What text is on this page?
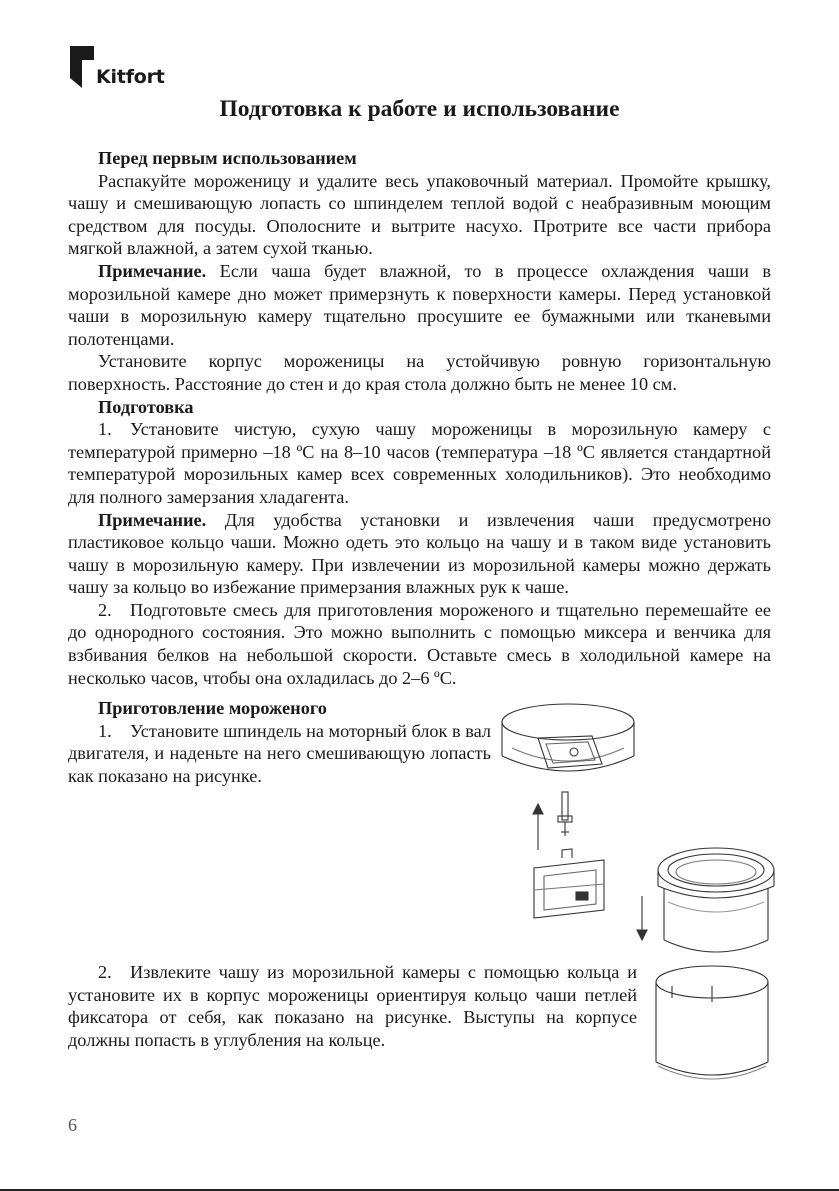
Kitfort
Подготовка к работе и использование

Перед первым использованием

Распакуйте мороженицу и удалите весь упаковочный материал. Промойте крышку, чашу и смешивающую лопасть со шпинделем теплой водой с неабразивным моющим средством для посуды. Ополосните и вытрите насухо. Протрите все части прибора мягкой влажной, а затем сухой тканью.

Примечание. Если чаша будет влажной, то в процессе охлаждения чаши в морозильной камере дно может примерзнуть к поверхности камеры. Перед установкой чаши в морозильную камеру тщательно просушите ее бумажными или тканевыми полотенцами.

Установите корпус мороженицы на устойчивую ровную горизонтальную поверхность. Расстояние до стен и до края стола должно быть не менее 10 см.

Подготовка

1. Установите чистую, сухую чашу мороженицы в морозильную камеру с температурой примерно –18 ºС на 8–10 часов (температура –18 ºС является стандартной температурой морозильных камер всех современных холодильников). Это необходимо для полного замерзания хладагента.

Примечание. Для удобства установки и извлечения чаши предусмотрено пластиковое кольцо чаши. Можно одеть это кольцо на чашу и в таком виде установить чашу в морозильную камеру. При извлечении из морозильной камеры можно держать чашу за кольцо во избежание примерзания влажных рук к чаше.

2. Подготовьте смесь для приготовления мороженого и тщательно перемешайте ее до однородного состояния. Это можно выполнить с помощью миксера и венчика для взбивания белков на небольшой скорости. Оставьте смесь в холодильной камере на несколько часов, чтобы она охладилась до 2–6 ºС.

Приготовление мороженого

1. Установите шпиндель на моторный блок в вал двигателя, и наденьте на него смешивающую лопасть как показано на рисунке.

2. Извлеките чашу из морозильной камеры с помощью кольца и установите их в корпус мороженицы ориентируя кольцо чаши петлей фиксатора от себя, как показано на рисунке. Выступы на корпусе должны попасть в углубления на кольце.

6
